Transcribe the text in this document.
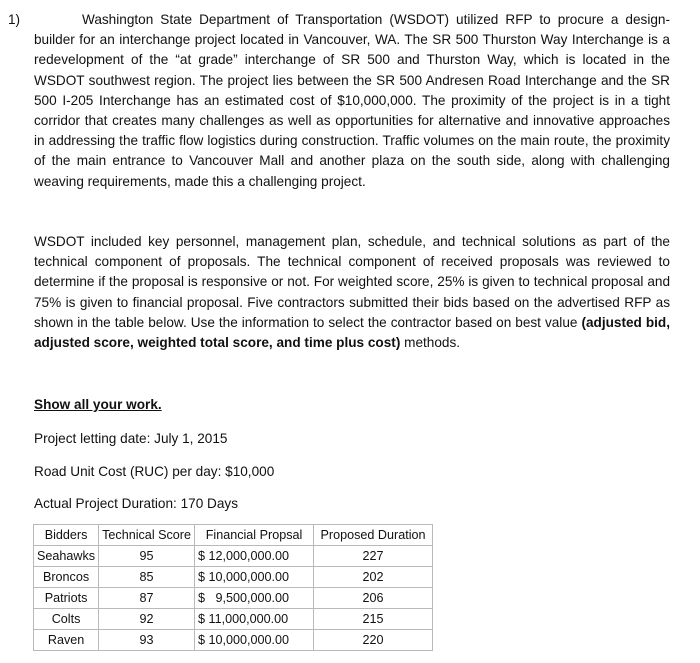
1)	Washington State Department of Transportation (WSDOT) utilized RFP to procure a design-builder for an interchange project located in Vancouver, WA. The SR 500 Thurston Way Interchange is a redevelopment of the “at grade” interchange of SR 500 and Thurston Way, which is located in the WSDOT southwest region. The project lies between the SR 500 Andresen Road Interchange and the SR 500 I-205 Interchange has an estimated cost of $10,000,000. The proximity of the project is in a tight corridor that creates many challenges as well as opportunities for alternative and innovative approaches in addressing the traffic flow logistics during construction. Traffic volumes on the main route, the proximity of the main entrance to Vancouver Mall and another plaza on the south side, along with challenging weaving requirements, made this a challenging project.

WSDOT included key personnel, management plan, schedule, and technical solutions as part of the technical component of proposals. The technical component of received proposals was reviewed to determine if the proposal is responsive or not. For weighted score, 25% is given to technical proposal and 75% is given to financial proposal. Five contractors submitted their bids based on the advertised RFP as shown in the table below. Use the information to select the contractor based on best value (adjusted bid, adjusted score, weighted total score, and time plus cost) methods.

Show all your work.
Project letting date: July 1, 2015
Road Unit Cost (RUC) per day: $10,000
Actual Project Duration: 170 Days
Bidders	Technical Score	Financial Propsal	Proposed Duration
Seahawks	95	$ 12,000,000.00	227
Broncos	85	$ 10,000,000.00	202
Patriots	87	$   9,500,000.00	206
Colts	92	$ 11,000,000.00	215
Raven	93	$ 10,000,000.00	220
